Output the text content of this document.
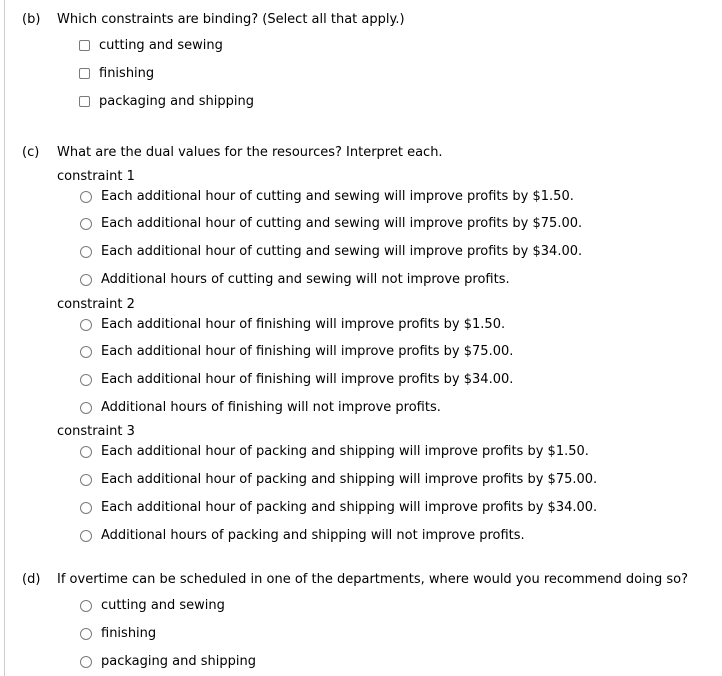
(b) Which constraints are binding? (Select all that apply.)
cutting and sewing
finishing
packaging and shipping
(c) What are the dual values for the resources? Interpret each.
constraint 1
Each additional hour of cutting and sewing will improve profits by $1.50.
Each additional hour of cutting and sewing will improve profits by $75.00.
Each additional hour of cutting and sewing will improve profits by $34.00.
Additional hours of cutting and sewing will not improve profits.
constraint 2
Each additional hour of finishing will improve profits by $1.50.
Each additional hour of finishing will improve profits by $75.00.
Each additional hour of finishing will improve profits by $34.00.
Additional hours of finishing will not improve profits.
constraint 3
Each additional hour of packing and shipping will improve profits by $1.50.
Each additional hour of packing and shipping will improve profits by $75.00.
Each additional hour of packing and shipping will improve profits by $34.00.
Additional hours of packing and shipping will not improve profits.
(d) If overtime can be scheduled in one of the departments, where would you recommend doing so?
cutting and sewing
finishing
packaging and shipping
